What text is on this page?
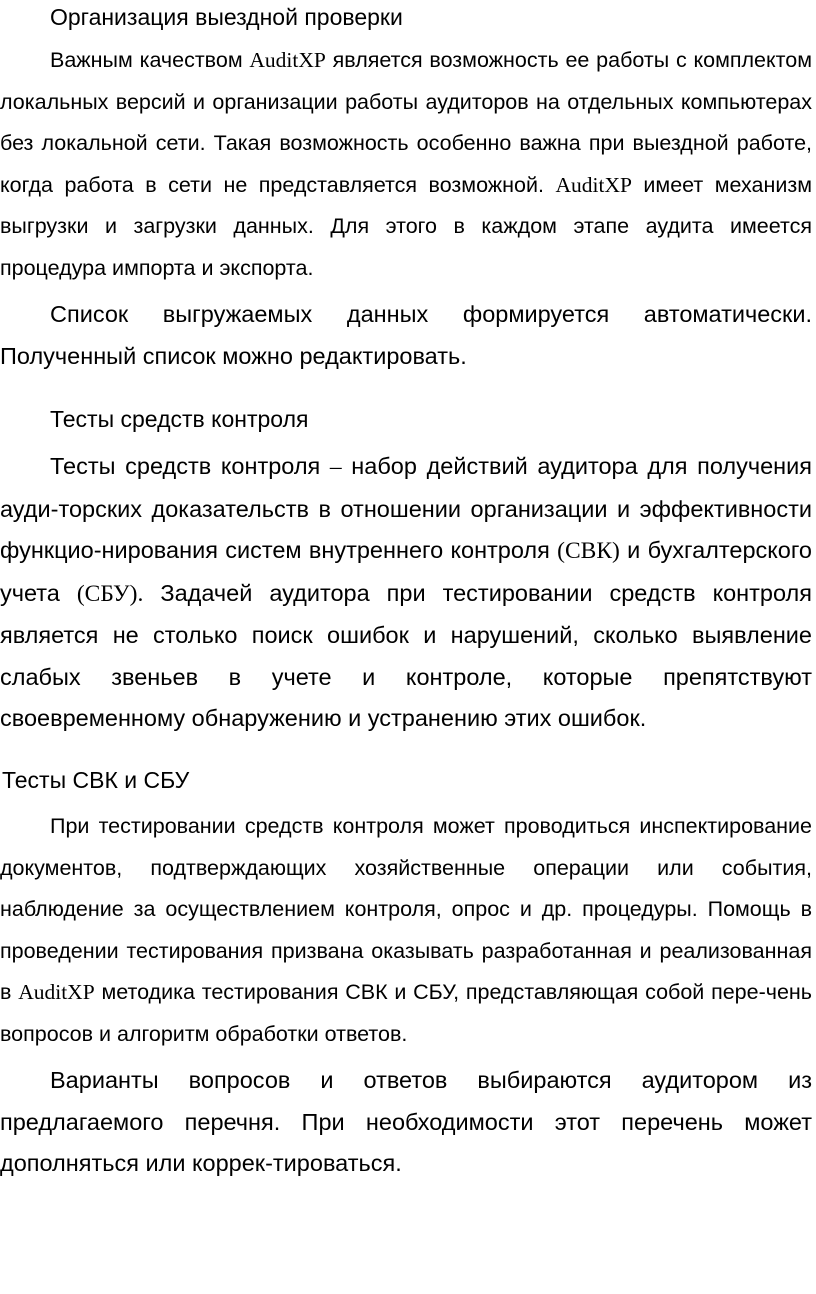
Организация выездной проверки

Важным качеством AuditXP является возможность ее работы с комплектом локальных версий и организации работы аудиторов на отдельных компьютерах без локальной сети. Такая возможность особенно важна при выездной работе, когда работа в сети не представляется возможной. AuditXP имеет механизм выгрузки и загрузки данных. Для этого в каждом этапе аудита имеется процедура импорта и экспорта.

Список выгружаемых данных формируется автоматически. Полученный список можно редактировать.

Тесты средств контроля

Тесты средств контроля – набор действий аудитора для получения ауди-торских доказательств в отношении организации и эффективности функцио-нирования систем внутреннего контроля (СВК) и бухгалтерского учета (СБУ). Задачей аудитора при тестировании средств контроля является не столько поиск ошибок и нарушений, сколько выявление слабых звеньев в учете и контроле, которые препятствуют своевременному обнаружению и устранению этих ошибок.

Тесты СВК и СБУ

При тестировании средств контроля может проводиться инспектирование документов, подтверждающих хозяйственные операции или события, наблюдение за осуществлением контроля, опрос и др. процедуры. Помощь в проведении тестирования призвана оказывать разработанная и реализованная в AuditXP методика тестирования СВК и СБУ, представляющая собой пере-чень вопросов и алгоритм обработки ответов.

Варианты вопросов и ответов выбираются аудитором из предлагаемого перечня. При необходимости этот перечень может дополняться или коррек-тироваться.
